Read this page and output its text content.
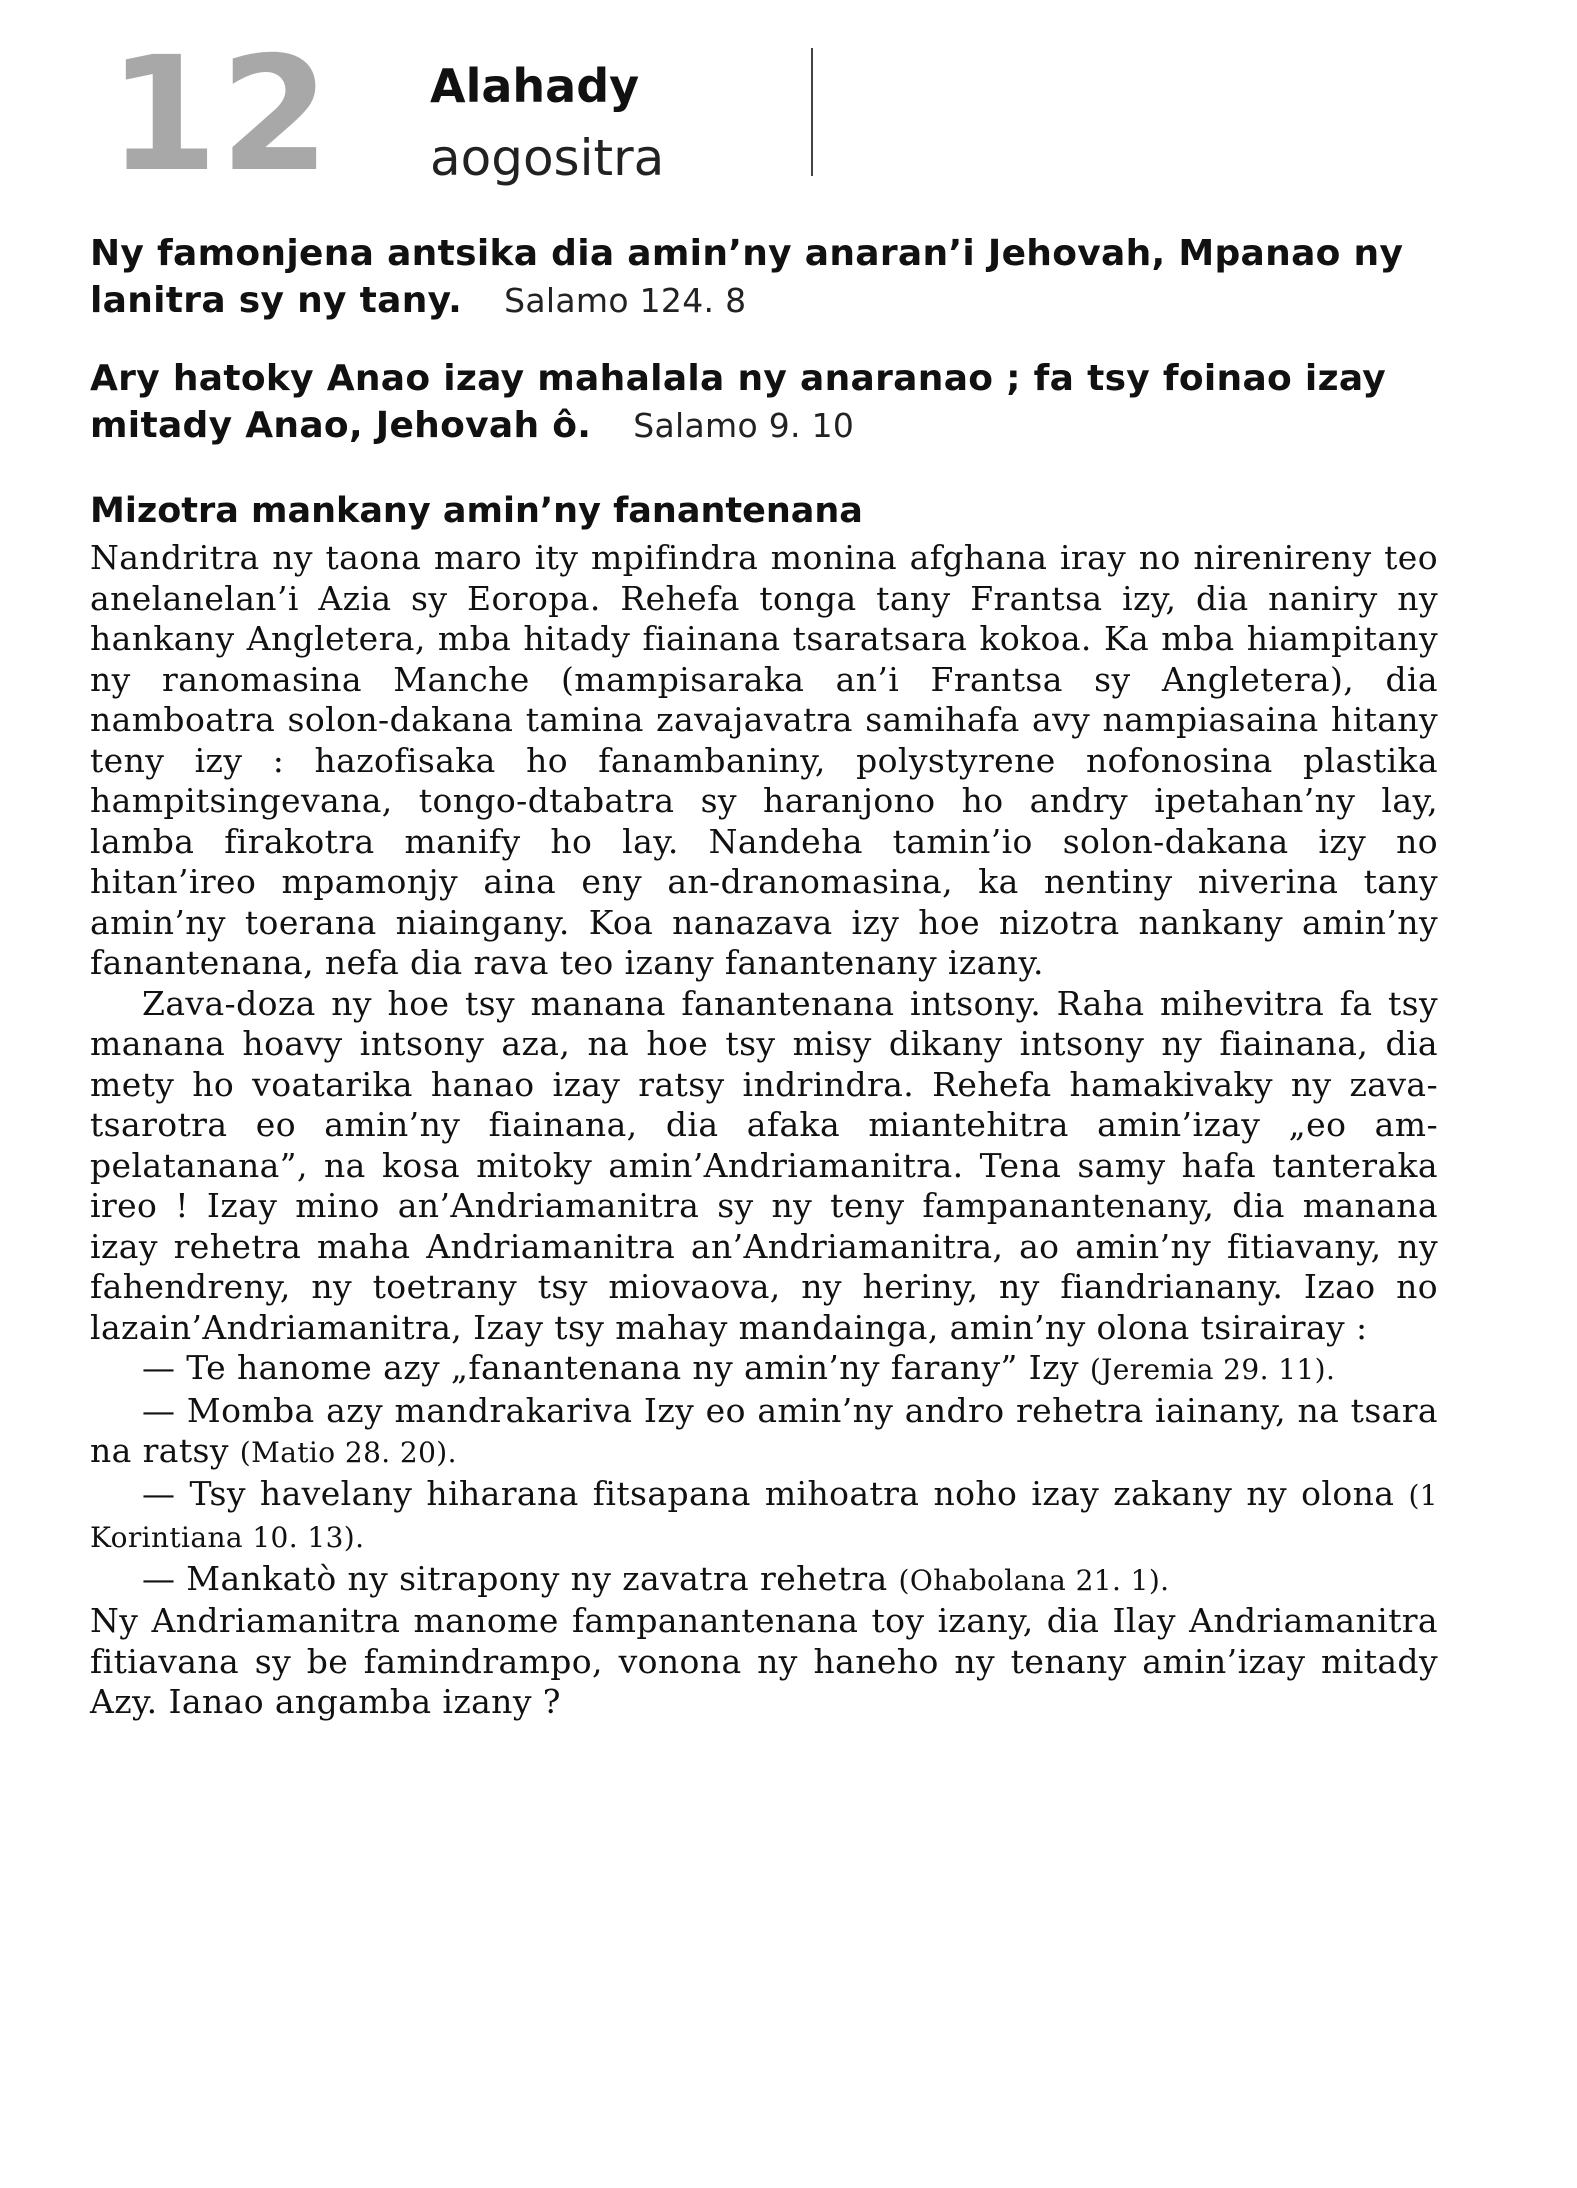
12 Alahady
aogositra
Ny famonjena antsika dia amin’ny anaran’i Jehovah, Mpanao ny lanitra sy ny tany. Salamo 124. 8
Ary hatoky Anao izay mahalala ny anaranao ; fa tsy foinao izay mitady Anao, Jehovah ô. Salamo 9. 10
Mizotra mankany amin’ny fanantenana

Nandritra ny taona maro ity mpifindra monina afghana iray no nirenireny teo anelanelan’i Azia sy Eoropa. Rehefa tonga tany Frantsa izy, dia naniry ny hankany Angletera, mba hitady fiainana tsaratsara kokoa. Ka mba hiampitany ny ranomasina Manche (mampisaraka an’i Frantsa sy Angletera), dia namboatra solon-dakana tamina zavajavatra samihafa avy nampiasaina hitany teny izy : hazofisaka ho fanambaniny, polystyrene nofonosina plastika hampitsingevana, tongo-dtabatra sy haranjono ho andry ipetahan’ny lay, lamba firakotra manify ho lay. Nandeha tamin’io solon-dakana izy no hitan’ireo mpamonjy aina eny an-dranomasina, ka nentiny niverina tany amin’ny toerana niaingany. Koa nanazava izy hoe nizotra nankany amin’ny fanantenana, nefa dia rava teo izany fanantenany izany.

Zava-doza ny hoe tsy manana fanantenana intsony. Raha mihevitra fa tsy manana hoavy intsony aza, na hoe tsy misy dikany intsony ny fiainana, dia mety ho voatarika hanao izay ratsy indrindra. Rehefa hamakivaky ny zava-tsarotra eo amin’ny fiainana, dia afaka miantehitra amin’izay „eo am-pelatanana”, na kosa mitoky amin’Andriamanitra. Tena samy hafa tanteraka ireo ! Izay mino an’Andriamanitra sy ny teny fampanantenany, dia manana izay rehetra maha Andriamanitra an’Andriamanitra, ao amin’ny fitiavany, ny fahendreny, ny toetrany tsy miovaova, ny heriny, ny fiandrianany. Izao no lazain’Andriamanitra, Izay tsy mahay mandainga, amin’ny olona tsirairay :

— Te hanome azy „fanantenana ny amin’ny farany” Izy (Jeremia 29. 11).

— Momba azy mandrakariva Izy eo amin’ny andro rehetra iainany, na tsara na ratsy (Matio 28. 20).

— Tsy havelany hiharana fitsapana mihoatra noho izay zakany ny olona (1 Korintiana 10. 13).

— Mankatò ny sitrapony ny zavatra rehetra (Ohabolana 21. 1).

Ny Andriamanitra manome fampanantenana toy izany, dia Ilay Andriamanitra fitiavana sy be famindrampo, vonona ny haneho ny tenany amin’izay mitady Azy. Ianao angamba izany ?
